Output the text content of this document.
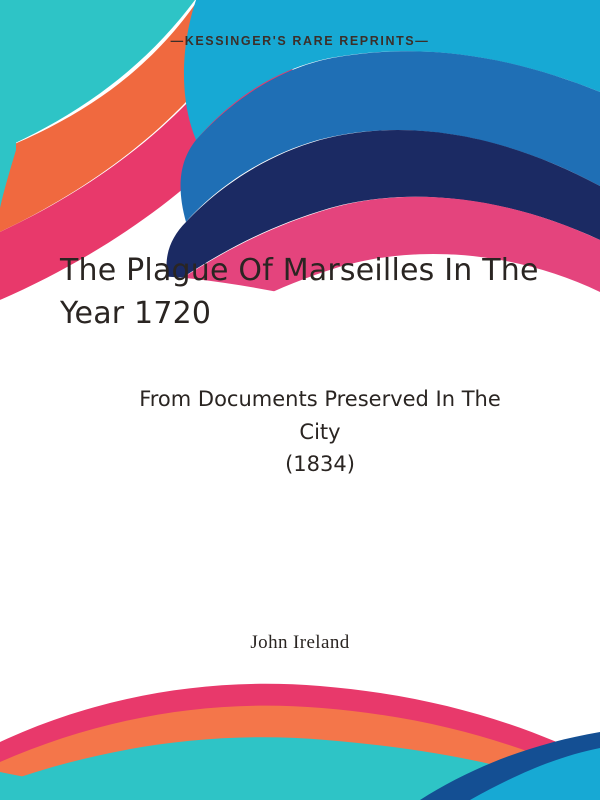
—KESSINGER'S RARE REPRINTS—
The Plague Of Marseilles In The Year 1720
From Documents Preserved In The
City
(1834)
John Ireland
